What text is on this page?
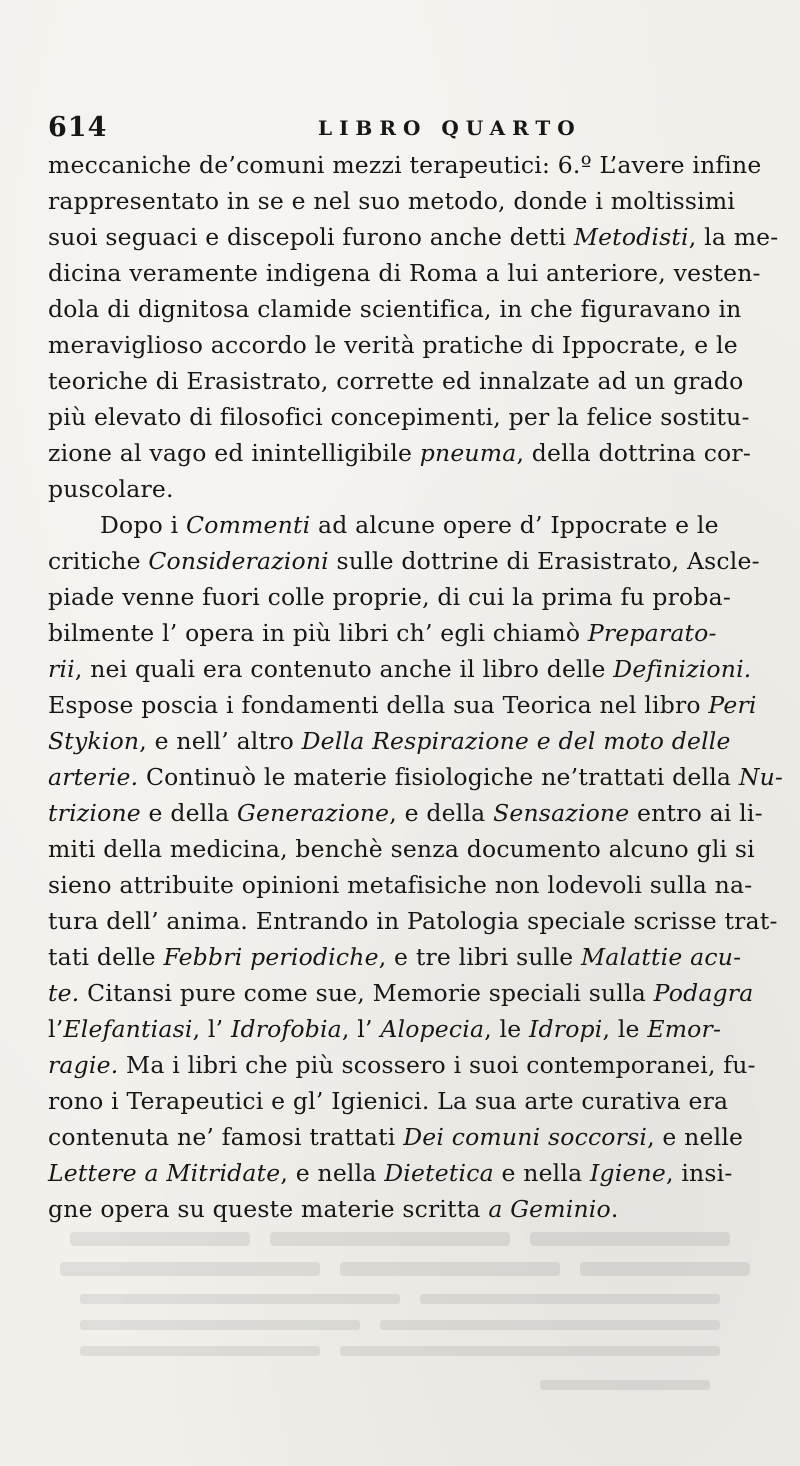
614	LIBRO QUARTO
meccaniche de’comuni mezzi terapeutici: 6.º L’avere infine
rappresentato in se e nel suo metodo, donde i moltissimi
suoi seguaci e discepoli furono anche detti Metodisti, la me-
dicina veramente indigena di Roma a lui anteriore, vesten-
dola di dignitosa clamide scientifica, in che figuravano in
meraviglioso accordo le verità pratiche di Ippocrate, e le
teoriche di Erasistrato, corrette ed innalzate ad un grado
più elevato di filosofici concepimenti, per la felice sostitu-
zione al vago ed inintelligibile pneuma, della dottrina cor-
puscolare.
Dopo i Commenti ad alcune opere d’ Ippocrate e le
critiche Considerazioni sulle dottrine di Erasistrato, Ascle-
piade venne fuori colle proprie, di cui la prima fu proba-
bilmente l’ opera in più libri ch’ egli chiamò Preparato-
rii, nei quali era contenuto anche il libro delle Definizioni.
Espose poscia i fondamenti della sua Teorica nel libro Peri
Stykion, e nell’ altro Della Respirazione e del moto delle
arterie. Continuò le materie fisiologiche ne’trattati della Nu-
trizione e della Generazione, e della Sensazione entro ai li-
miti della medicina, benchè senza documento alcuno gli si
sieno attribuite opinioni metafisiche non lodevoli sulla na-
tura dell’ anima. Entrando in Patologia speciale scrisse trat-
tati delle Febbri periodiche, e tre libri sulle Malattie acu-
te. Citansi pure come sue, Memorie speciali sulla Podagra
l’Elefantiasi, l’ Idrofobia, l’ Alopecia, le Idropi, le Emor-
ragie. Ma i libri che più scossero i suoi contemporanei, fu-
rono i Terapeutici e gl’ Igienici. La sua arte curativa era
contenuta ne’ famosi trattati Dei comuni soccorsi, e nelle
Lettere a Mitridate, e nella Dietetica e nella Igiene, insi-
gne opera su queste materie scritta a Geminio.
